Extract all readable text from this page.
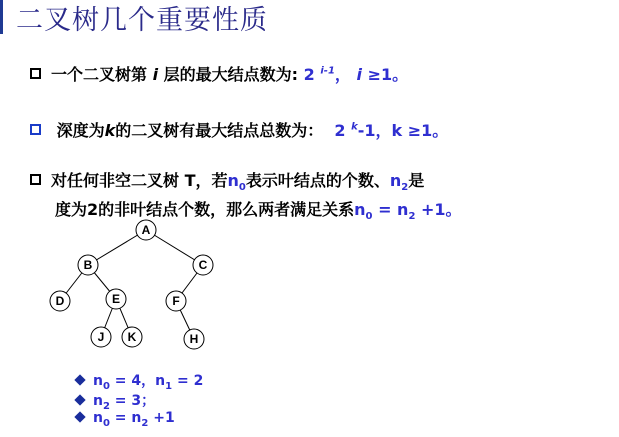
二叉树几个重要性质
一个二叉树第 i 层的最大结点数为: 2 $^{i-1}$， i ≥1。
深度为k的二叉树有最大结点总数为： 2 $^k$-1，k ≥1。
对任何非空二叉树 T，若$n_0$表示叶结点的个数、$n_2$是
度为2的非叶结点个数，那么两者满足关系$n_0 = n_2 +1$。
A
B	C
D	E	F
J K	H
$n_0 = 4$，$n_1 = 2$
$n_2 = 3$；
$n_0 = n_2 +1$
